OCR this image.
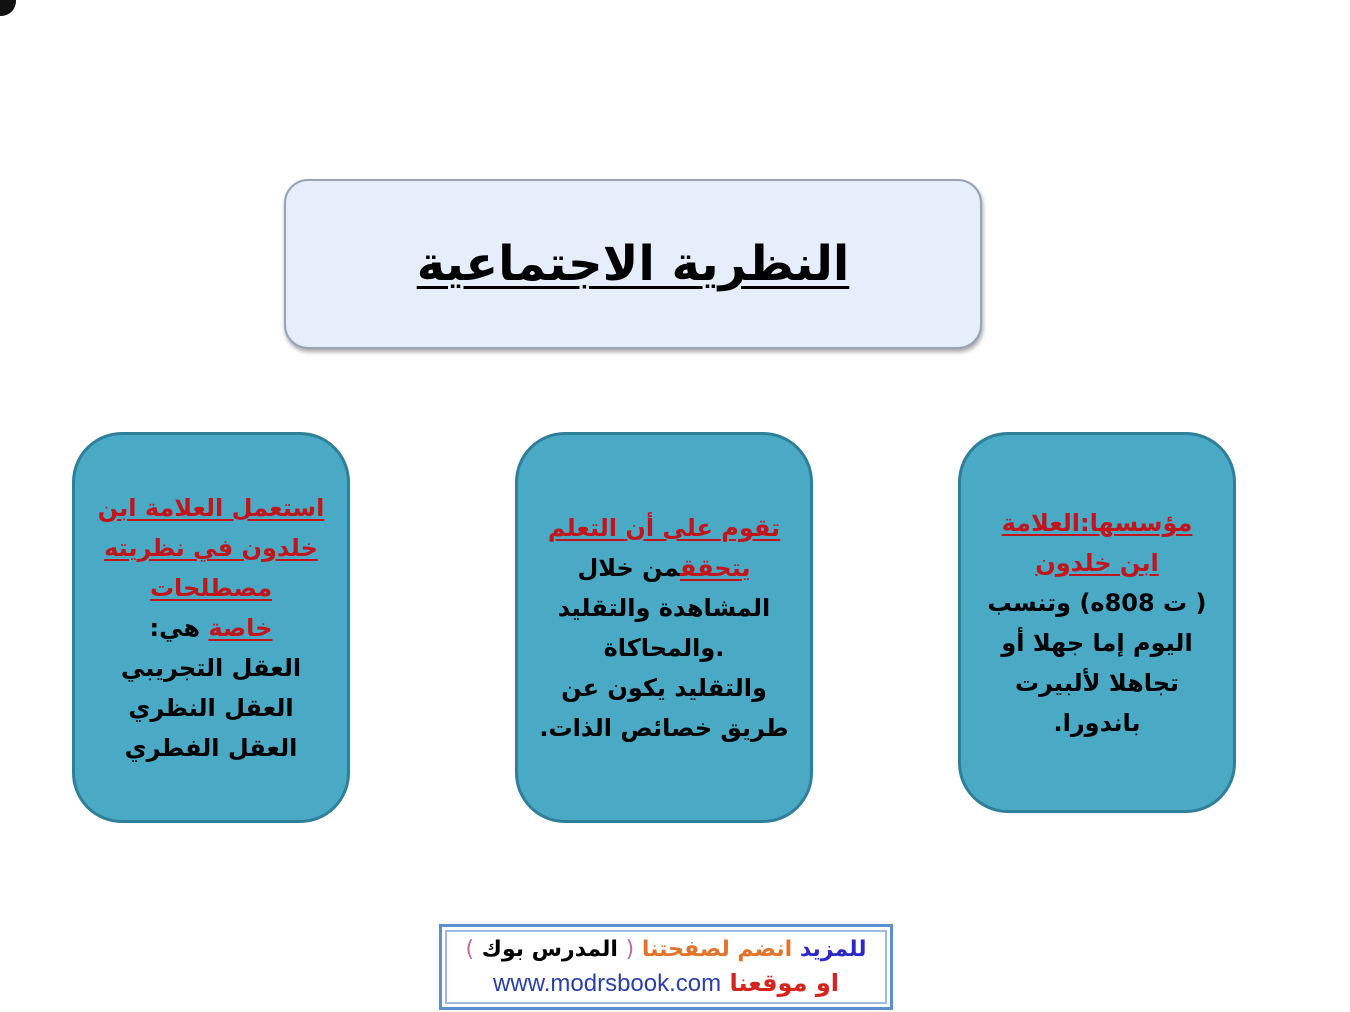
النظرية الاجتماعية
مؤسسها:العلامة
ابن خلدون
( ت 808ه) وتنسب
اليوم إما جهلا أو
تجاهلا لألبيرت
باندورا.
تقوم على أن التعلم
يتحققمن خلال
المشاهدة والتقليد
.والمحاكاة
والتقليد يكون عن
طريق خصائص الذات.
استعمل العلامة ابن
خلدون في نظريته
مصطلحات
خاصة هي:
العقل التجريبي
العقل النظري
العقل الفطري
للمزيد انضم لصفحتنا ( المدرس بوك )
او موقعنا www.modrsbook.com
